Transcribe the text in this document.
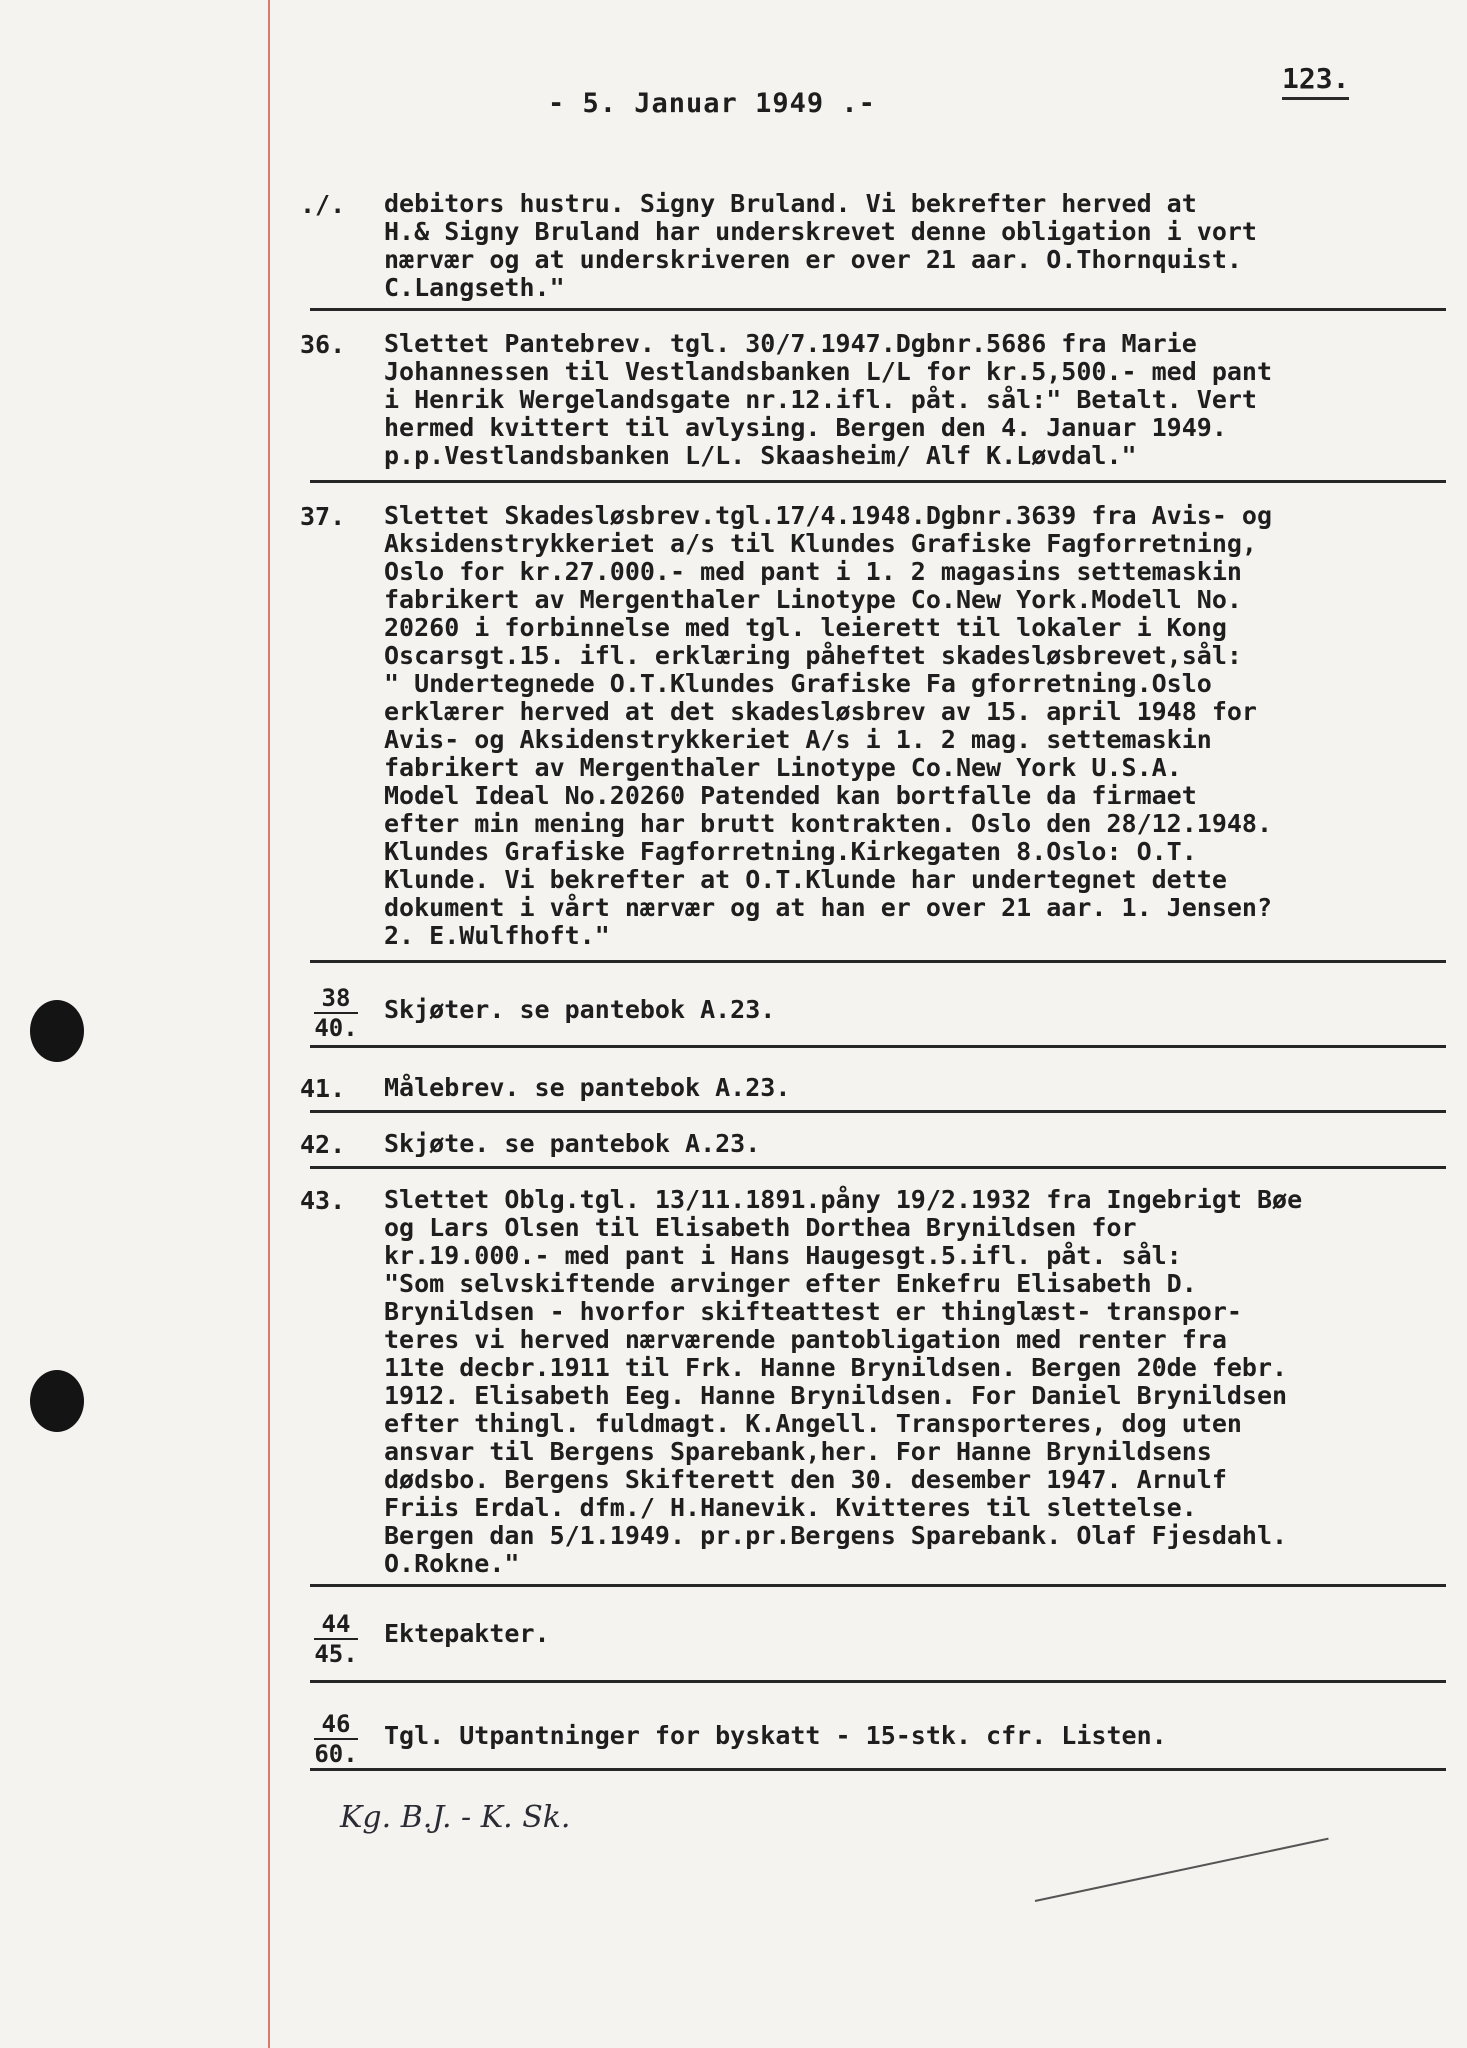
- 5. Januar 1949 .-
123.
./. debitors hustru. Signy Bruland. Vi bekrefter herved at
H.& Signy Bruland har underskrevet denne obligation i vort
nærvær og at underskriveren er over 21 aar. O.Thornquist.
C.Langseth."
36. Slettet Pantebrev. tgl. 30/7.1947.Dgbnr.5686 fra Marie
Johannessen til Vestlandsbanken L/L for kr.5,500.- med pant
i Henrik Wergelandsgate nr.12.ifl. påt. sål:" Betalt. Vert
hermed kvittert til avlysing. Bergen den 4. Januar 1949.
p.p.Vestlandsbanken L/L. Skaasheim/ Alf K.Løvdal."
37. Slettet Skadesløsbrev.tgl.17/4.1948.Dgbnr.3639 fra Avis- og
Aksidenstrykkeriet a/s til Klundes Grafiske Fagforretning,
Oslo for kr.27.000.- med pant i 1. 2 magasins settemaskin
fabrikert av Mergenthaler Linotype Co.New York.Modell No.
20260 i forbinnelse med tgl. leierett til lokaler i Kong
Oscarsgt.15. ifl. erklæring påheftet skadesløsbrevet,sål:
" Undertegnede O.T.Klundes Grafiske Fa gforretning.Oslo
erklærer herved at det skadesløsbrev av 15. april 1948 for
Avis- og Aksidenstrykkeriet A/s i 1. 2 mag. settemaskin
fabrikert av Mergenthaler Linotype Co.New York U.S.A.
Model Ideal No.20260 Patended kan bortfalle da firmaet
efter min mening har brutt kontrakten. Oslo den 28/12.1948.
Klundes Grafiske Fagforretning.Kirkegaten 8.Oslo: O.T.
Klunde. Vi bekrefter at O.T.Klunde har undertegnet dette
dokument i vårt nærvær og at han er over 21 aar. 1. Jensen?
2. E.Wulfhoft."
$\frac{38}{40.}$ Skjøter. se pantebok A.23.
41. Målebrev. se pantebok A.23.
42. Skjøte. se pantebok A.23.
43. Slettet Oblg.tgl. 13/11.1891.påny 19/2.1932 fra Ingebrigt Bøe
og Lars Olsen til Elisabeth Dorthea Brynildsen for
kr.19.000.- med pant i Hans Haugesgt.5.ifl. påt. sål:
"Som selvskiftende arvinger efter Enkefru Elisabeth D.
Brynildsen - hvorfor skifteattest er thinglæst- transpor-
teres vi herved nærværende pantobligation med renter fra
11te decbr.1911 til Frk. Hanne Brynildsen. Bergen 20de febr.
1912. Elisabeth Eeg. Hanne Brynildsen. For Daniel Brynildsen
efter thingl. fuldmagt. K.Angell. Transporteres, dog uten
ansvar til Bergens Sparebank,her. For Hanne Brynildsens
dødsbo. Bergens Skifterett den 30. desember 1947. Arnulf
Friis Erdal. dfm./ H.Hanevik. Kvitteres til slettelse.
Bergen dan 5/1.1949. pr.pr.Bergens Sparebank. Olaf Fjesdahl.
O.Rokne."
$\frac{44}{45.}$ Ektepakter.
$\frac{46}{60.}$ Tgl. Utpantninger for byskatt - 15-stk. cfr. Listen.
Kg. B.J. - K. Sk.
